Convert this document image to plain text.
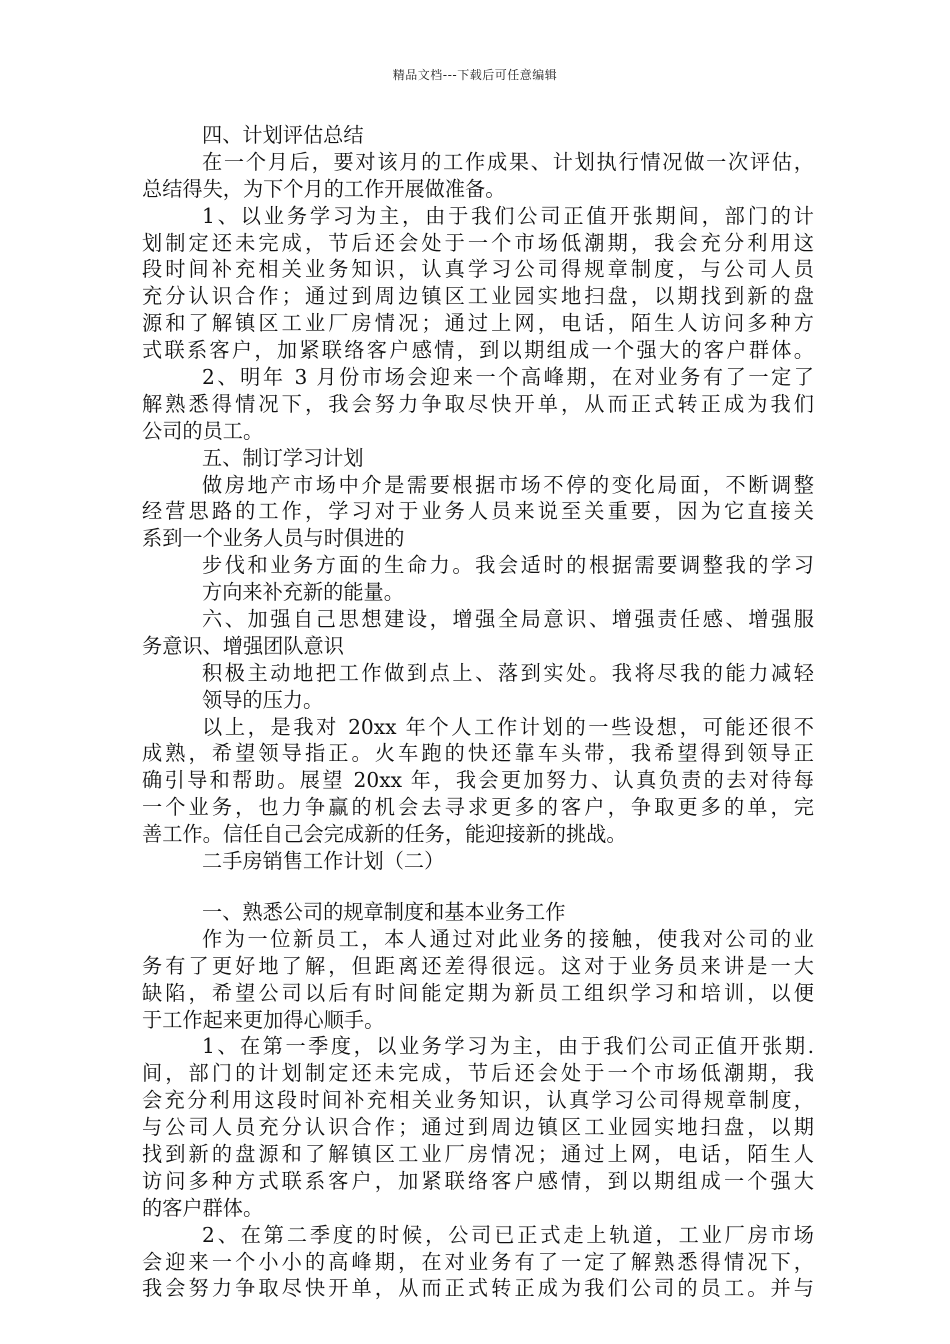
精品文档---下载后可任意编辑
四、计划评估总结
在一个月后，要对该月的工作成果、计划执行情况做一次评估，
总结得失，为下个月的工作开展做准备。
1、以业务学习为主，由于我们公司正值开张期间，部门的计
划制定还未完成，节后还会处于一个市场低潮期，我会充分利用这
段时间补充相关业务知识，认真学习公司得规章制度，与公司人员
充分认识合作；通过到周边镇区工业园实地扫盘，以期找到新的盘
源和了解镇区工业厂房情况；通过上网，电话，陌生人访问多种方
式联系客户，加紧联络客户感情，到以期组成一个强大的客户群体。
2、明年 3 月份市场会迎来一个高峰期，在对业务有了一定了
解熟悉得情况下，我会努力争取尽快开单，从而正式转正成为我们
公司的员工。
五、制订学习计划
做房地产市场中介是需要根据市场不停的变化局面，不断调整
经营思路的工作，学习对于业务人员来说至关重要，因为它直接关
系到一个业务人员与时俱进的
步伐和业务方面的生命力。我会适时的根据需要调整我的学习
方向来补充新的能量。
六、加强自己思想建设，增强全局意识、增强责任感、增强服
务意识、增强团队意识
积极主动地把工作做到点上、落到实处。我将尽我的能力减轻
领导的压力。
以上，是我对 20xx 年个人工作计划的一些设想，可能还很不
成熟，希望领导指正。火车跑的快还靠车头带，我希望得到领导正
确引导和帮助。展望 20xx 年，我会更加努力、认真负责的去对待每
一个业务，也力争赢的机会去寻求更多的客户，争取更多的单，完
善工作。信任自己会完成新的任务，能迎接新的挑战。
二手房销售工作计划（二）
一、熟悉公司的规章制度和基本业务工作
作为一位新员工，本人通过对此业务的接触，使我对公司的业
务有了更好地了解，但距离还差得很远。这对于业务员来讲是一大
缺陷，希望公司以后有时间能定期为新员工组织学习和培训，以便
于工作起来更加得心顺手。
1、在第一季度，以业务学习为主，由于我们公司正值开张期.
间，部门的计划制定还未完成，节后还会处于一个市场低潮期，我
会充分利用这段时间补充相关业务知识，认真学习公司得规章制度，
与公司人员充分认识合作；通过到周边镇区工业园实地扫盘，以期
找到新的盘源和了解镇区工业厂房情况；通过上网，电话，陌生人
访问多种方式联系客户，加紧联络客户感情，到以期组成一个强大
的客户群体。
2、在第二季度的时候，公司已正式走上轨道，工业厂房市场
会迎来一个小小的高峰期，在对业务有了一定了解熟悉得情况下，
我会努力争取尽快开单，从而正式转正成为我们公司的员工。并与
